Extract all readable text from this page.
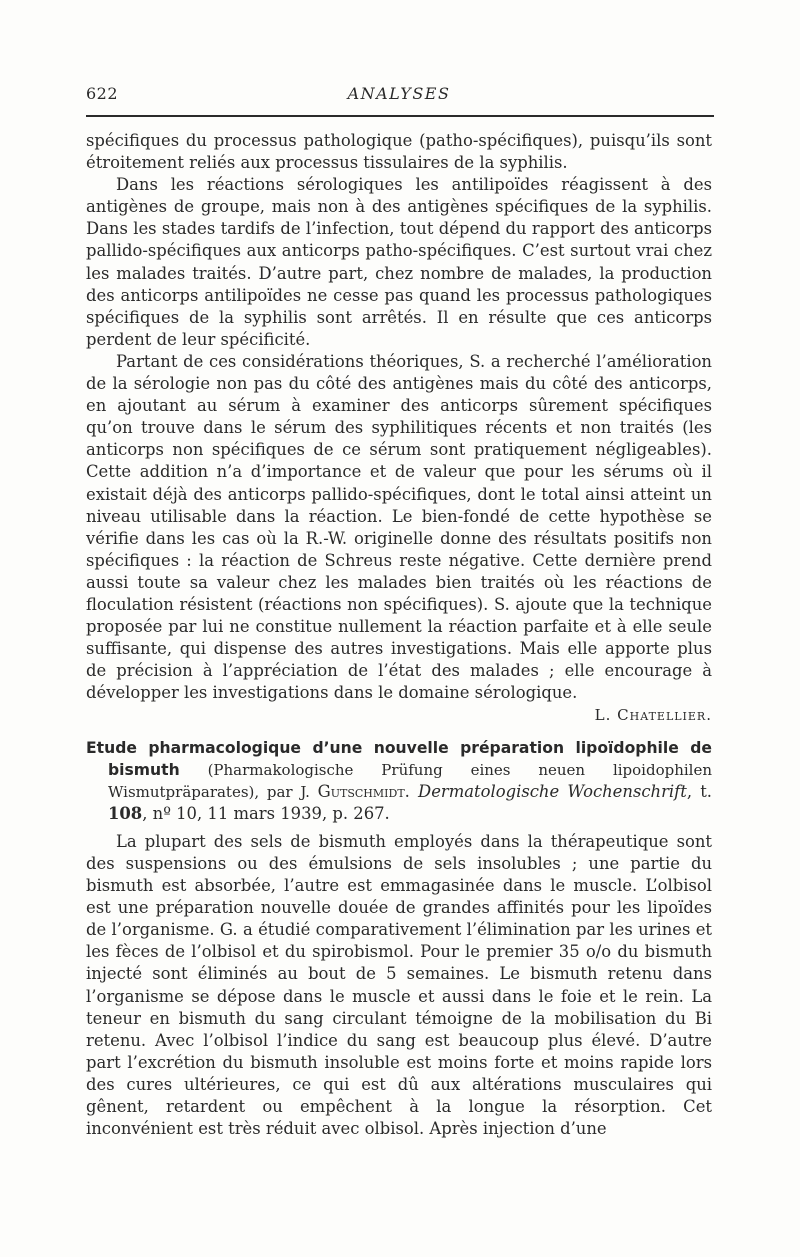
622	ANALYSES

spécifiques du processus pathologique (patho-spécifiques), puisqu’ils sont étroitement reliés aux processus tissulaires de la syphilis.

Dans les réactions sérologiques les antilipoïdes réagissent à des antigènes de groupe, mais non à des antigènes spécifiques de la syphilis. Dans les stades tardifs de l’infection, tout dépend du rapport des anticorps pallido-spécifiques aux anticorps patho-spécifiques. C’est surtout vrai chez les malades traités. D’autre part, chez nombre de malades, la production des anticorps antilipoïdes ne cesse pas quand les processus pathologiques spécifiques de la syphilis sont arrêtés. Il en résulte que ces anticorps perdent de leur spécificité.

Partant de ces considérations théoriques, S. a recherché l’amélioration de la sérologie non pas du côté des antigènes mais du côté des anticorps, en ajoutant au sérum à examiner des anticorps sûrement spécifiques qu’on trouve dans le sérum des syphilitiques récents et non traités (les anticorps non spécifiques de ce sérum sont pratiquement négligeables). Cette addition n’a d’importance et de valeur que pour les sérums où il existait déjà des anticorps pallido-spécifiques, dont le total ainsi atteint un niveau utilisable dans la réaction. Le bien-fondé de cette hypothèse se vérifie dans les cas où la R.-W. originelle donne des résultats positifs non spécifiques : la réaction de Schreus reste négative. Cette dernière prend aussi toute sa valeur chez les malades bien traités où les réactions de floculation résistent (réactions non spécifiques). S. ajoute que la technique proposée par lui ne constitue nullement la réaction parfaite et à elle seule suffisante, qui dispense des autres investigations. Mais elle apporte plus de précision à l’appréciation de l’état des malades ; elle encourage à développer les investigations dans le domaine sérologique.

L. Chatellier.
Etude pharmacologique d’une nouvelle préparation lipoïdophile de bismuth (Pharmakologische Prüfung eines neuen lipoidophilen Wismutpräparates), par J. Gutschmidt. Dermatologische Wochenschrift, t. 108, nº 10, 11 mars 1939, p. 267.

La plupart des sels de bismuth employés dans la thérapeutique sont des suspensions ou des émulsions de sels insolubles ; une partie du bismuth est absorbée, l’autre est emmagasinée dans le muscle. L’olbisol est une préparation nouvelle douée de grandes affinités pour les lipoïdes de l’organisme. G. a étudié comparativement l’élimination par les urines et les fèces de l’olbisol et du spirobismol. Pour le premier 35 o/o du bismuth injecté sont éliminés au bout de 5 semaines. Le bismuth retenu dans l’organisme se dépose dans le muscle et aussi dans le foie et le rein. La teneur en bismuth du sang circulant témoigne de la mobilisation du Bi retenu. Avec l’olbisol l’indice du sang est beaucoup plus élevé. D’autre part l’excrétion du bismuth insoluble est moins forte et moins rapide lors des cures ultérieures, ce qui est dû aux altérations musculaires qui gênent, retardent ou empêchent à la longue la résorption. Cet inconvénient est très réduit avec olbisol. Après injection d’une
